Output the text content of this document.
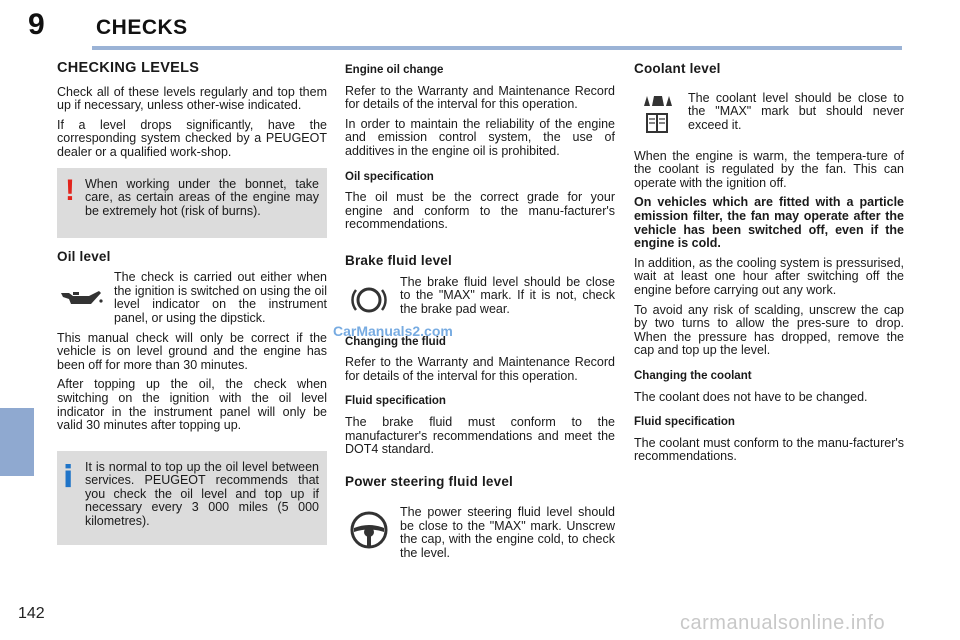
9 CHECKS
142	carmanualsonline.info
CarManuals2.com
CHECKING LEVELS

Check all of these levels regularly and top them up if necessary, unless other-wise indicated.

If a level drops significantly, have the corresponding system checked by a PEUGEOT dealer or a qualified work-shop.

! When working under the bonnet, take care, as certain areas of the engine may be extremely hot (risk of burns).

Oil level

The check is carried out either when the ignition is switched on using the oil level indicator on the instrument panel, or using the dipstick.

This manual check will only be correct if the vehicle is on level ground and the engine has been off for more than 30 minutes.

After topping up the oil, the check when switching on the ignition with the oil level indicator in the instrument panel will only be valid 30 minutes after topping up.

i It is normal to top up the oil level between services. PEUGEOT recommends that you check the oil level and top up if necessary every 3 000 miles (5 000 kilometres).

Engine oil change

Refer to the Warranty and Maintenance Record for details of the interval for this operation.

In order to maintain the reliability of the engine and emission control system, the use of additives in the engine oil is prohibited.

Oil specification

The oil must be the correct grade for your engine and conform to the manu-facturer's recommendations.

Brake fluid level

The brake fluid level should be close to the "MAX" mark. If it is not, check the brake pad wear.

Changing the fluid

Refer to the Warranty and Maintenance Record for details of the interval for this operation.

Fluid specification

The brake fluid must conform to the manufacturer's recommendations and meet the DOT4 standard.

Power steering fluid level

The power steering fluid level should be close to the "MAX" mark. Unscrew the cap, with the engine cold, to check the level.

Coolant level

The coolant level should be close to the "MAX" mark but should never exceed it.

When the engine is warm, the tempera-ture of the coolant is regulated by the fan. This can operate with the ignition off.

On vehicles which are fitted with a particle emission filter, the fan may operate after the vehicle has been switched off, even if the engine is cold.

In addition, as the cooling system is pressurised, wait at least one hour after switching off the engine before carrying out any work.

To avoid any risk of scalding, unscrew the cap by two turns to allow the pres-sure to drop. When the pressure has dropped, remove the cap and top up the level.

Changing the coolant

The coolant does not have to be changed.

Fluid specification

The coolant must conform to the manu-facturer's recommendations.
